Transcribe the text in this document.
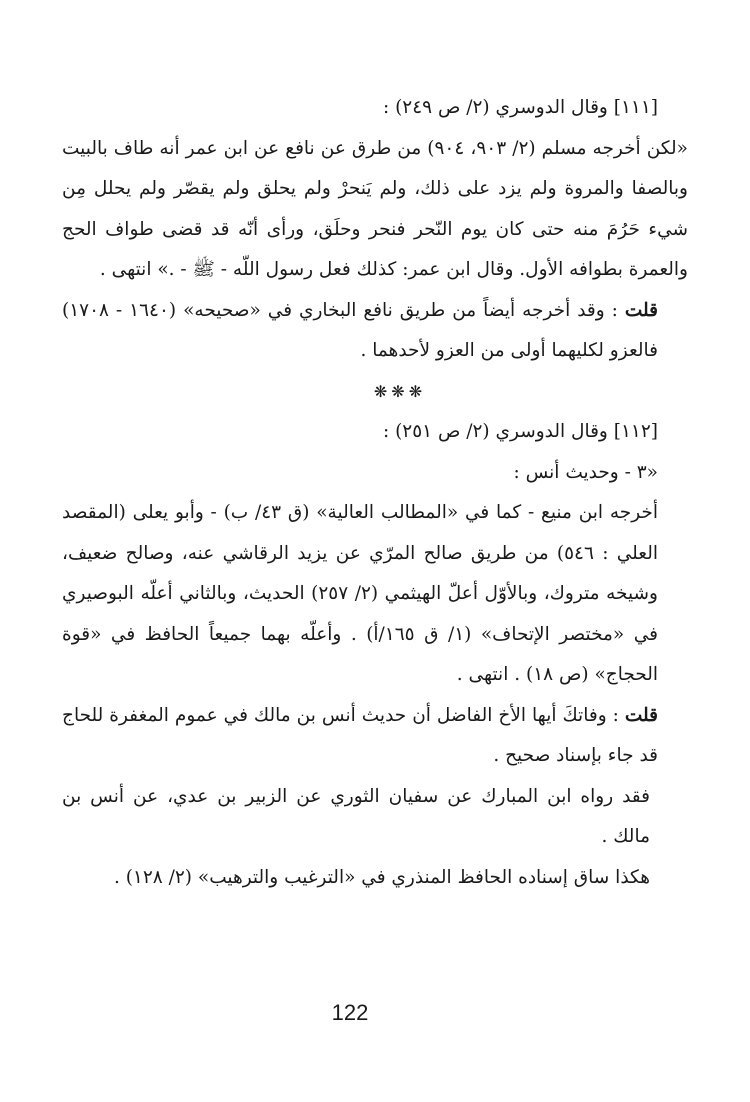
[١١١] وقال الدوسري (٢/ ص ٢٤٩) :

«لكن أخرجه مسلم (٢/ ٩٠٣، ٩٠٤) من طرق عن نافع عن ابن عمر أنه طاف بالبيت وبالصفا والمروة ولم يزد على ذلك، ولم يَنحرْ ولم يحلق ولم يقصّر ولم يحلل مِن شيء حَرُمَ منه حتى كان يوم النّحر فنحر وحلَق، ورأى أنّه قد قضى طواف الحج والعمرة بطوافه الأول. وقال ابن عمر: كذلك فعل رسول اللّه - ﷺ - .» انتهى .

قلت : وقد أخرجه أيضاً من طريق نافع البخاري في «صحيحه» (١٦٤٠ - ١٧٠٨) فالعزو لكليهما أولى من العزو لأحدهما .

❋❋❋

[١١٢] وقال الدوسري (٢/ ص ٢٥١) :

«٣ - وحديث أنس :

أخرجه ابن منيع - كما في «المطالب العالية» (ق ٤٣/ ب) - وأبو يعلى (المقصد العلي : ٥٤٦) من طريق صالح المرّي عن يزيد الرقاشي عنه، وصالح ضعيف، وشيخه متروك، وبالأوّل أعلّ الهيثمي (٢/ ٢٥٧) الحديث، وبالثاني أعلّه البوصيري في «مختصر الإتحاف» (١/ ق ١٦٥/أ) . وأعلّه بهما جميعاً الحافظ في «قوة الحجاج» (ص ١٨) . انتهى .

قلت : وفاتكَ أيها الأخ الفاضل أن حديث أنس بن مالك في عموم المغفرة للحاج قد جاء بإسناد صحيح .

فقد رواه ابن المبارك عن سفيان الثوري عن الزبير بن عدي، عن أنس بن مالك .

هكذا ساق إسناده الحافظ المنذري في «الترغيب والترهيب» (٢/ ١٢٨) .

122
